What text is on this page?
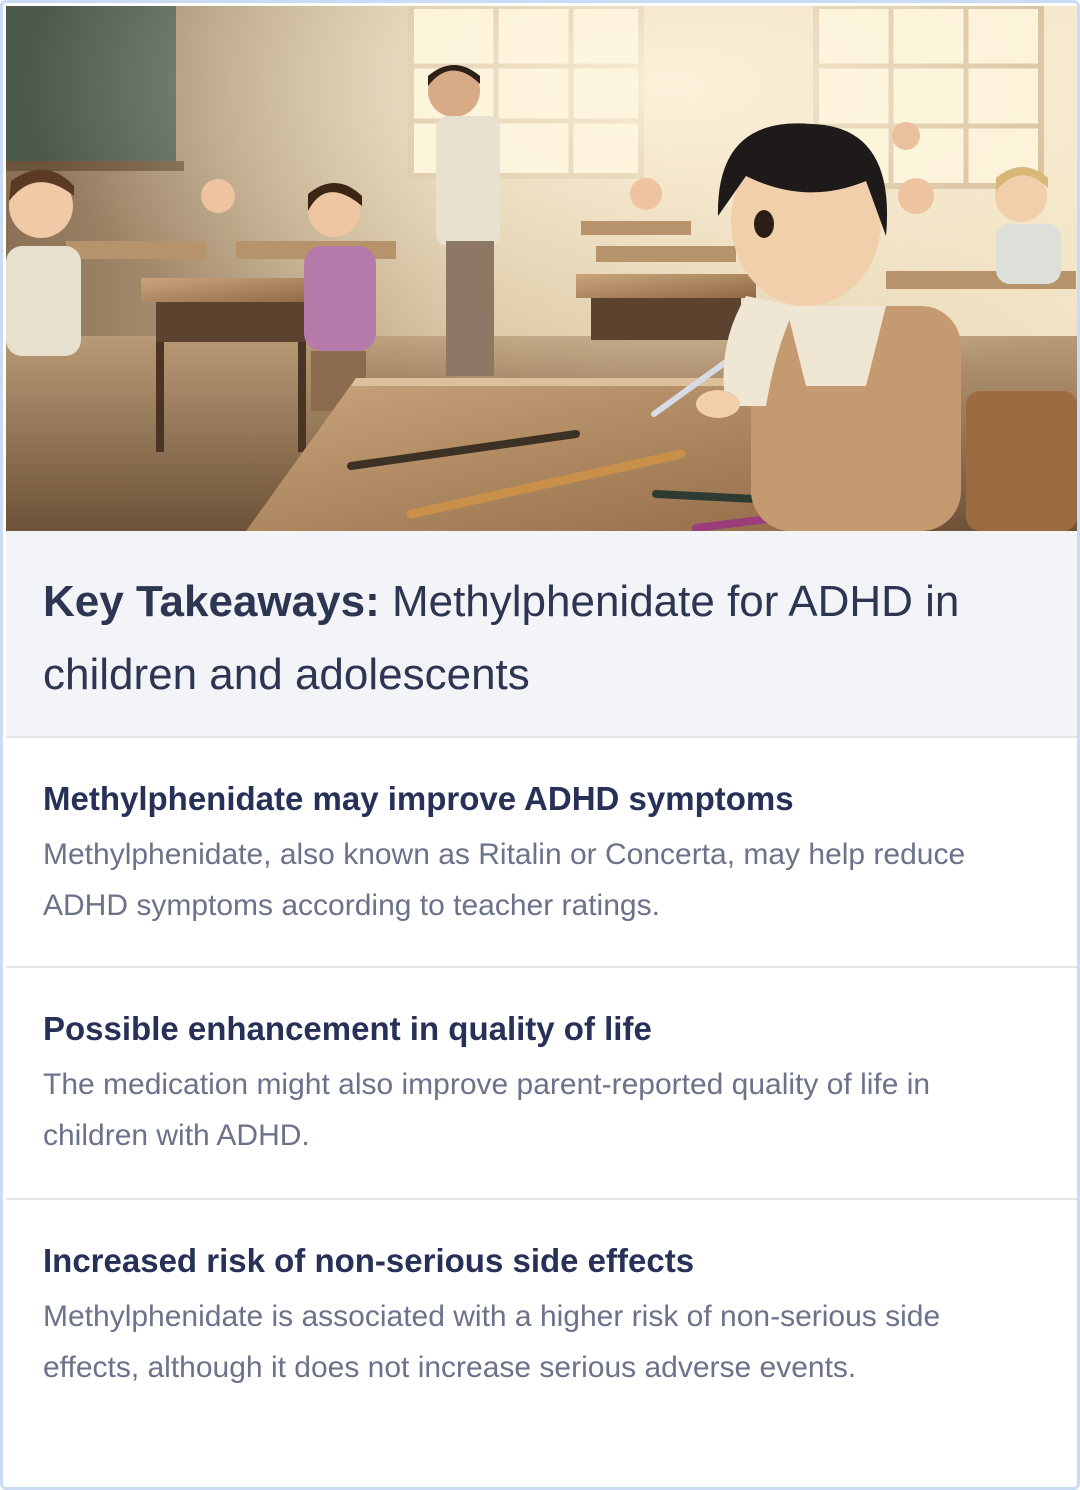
Key Takeaways: Methylphenidate for ADHD in children and adolescents
Methylphenidate may improve ADHD symptoms

Methylphenidate, also known as Ritalin or Concerta, may help reduce ADHD symptoms according to teacher ratings.

Possible enhancement in quality of life

The medication might also improve parent-reported quality of life in children with ADHD.

Increased risk of non-serious side effects

Methylphenidate is associated with a higher risk of non-serious side effects, although it does not increase serious adverse events.
